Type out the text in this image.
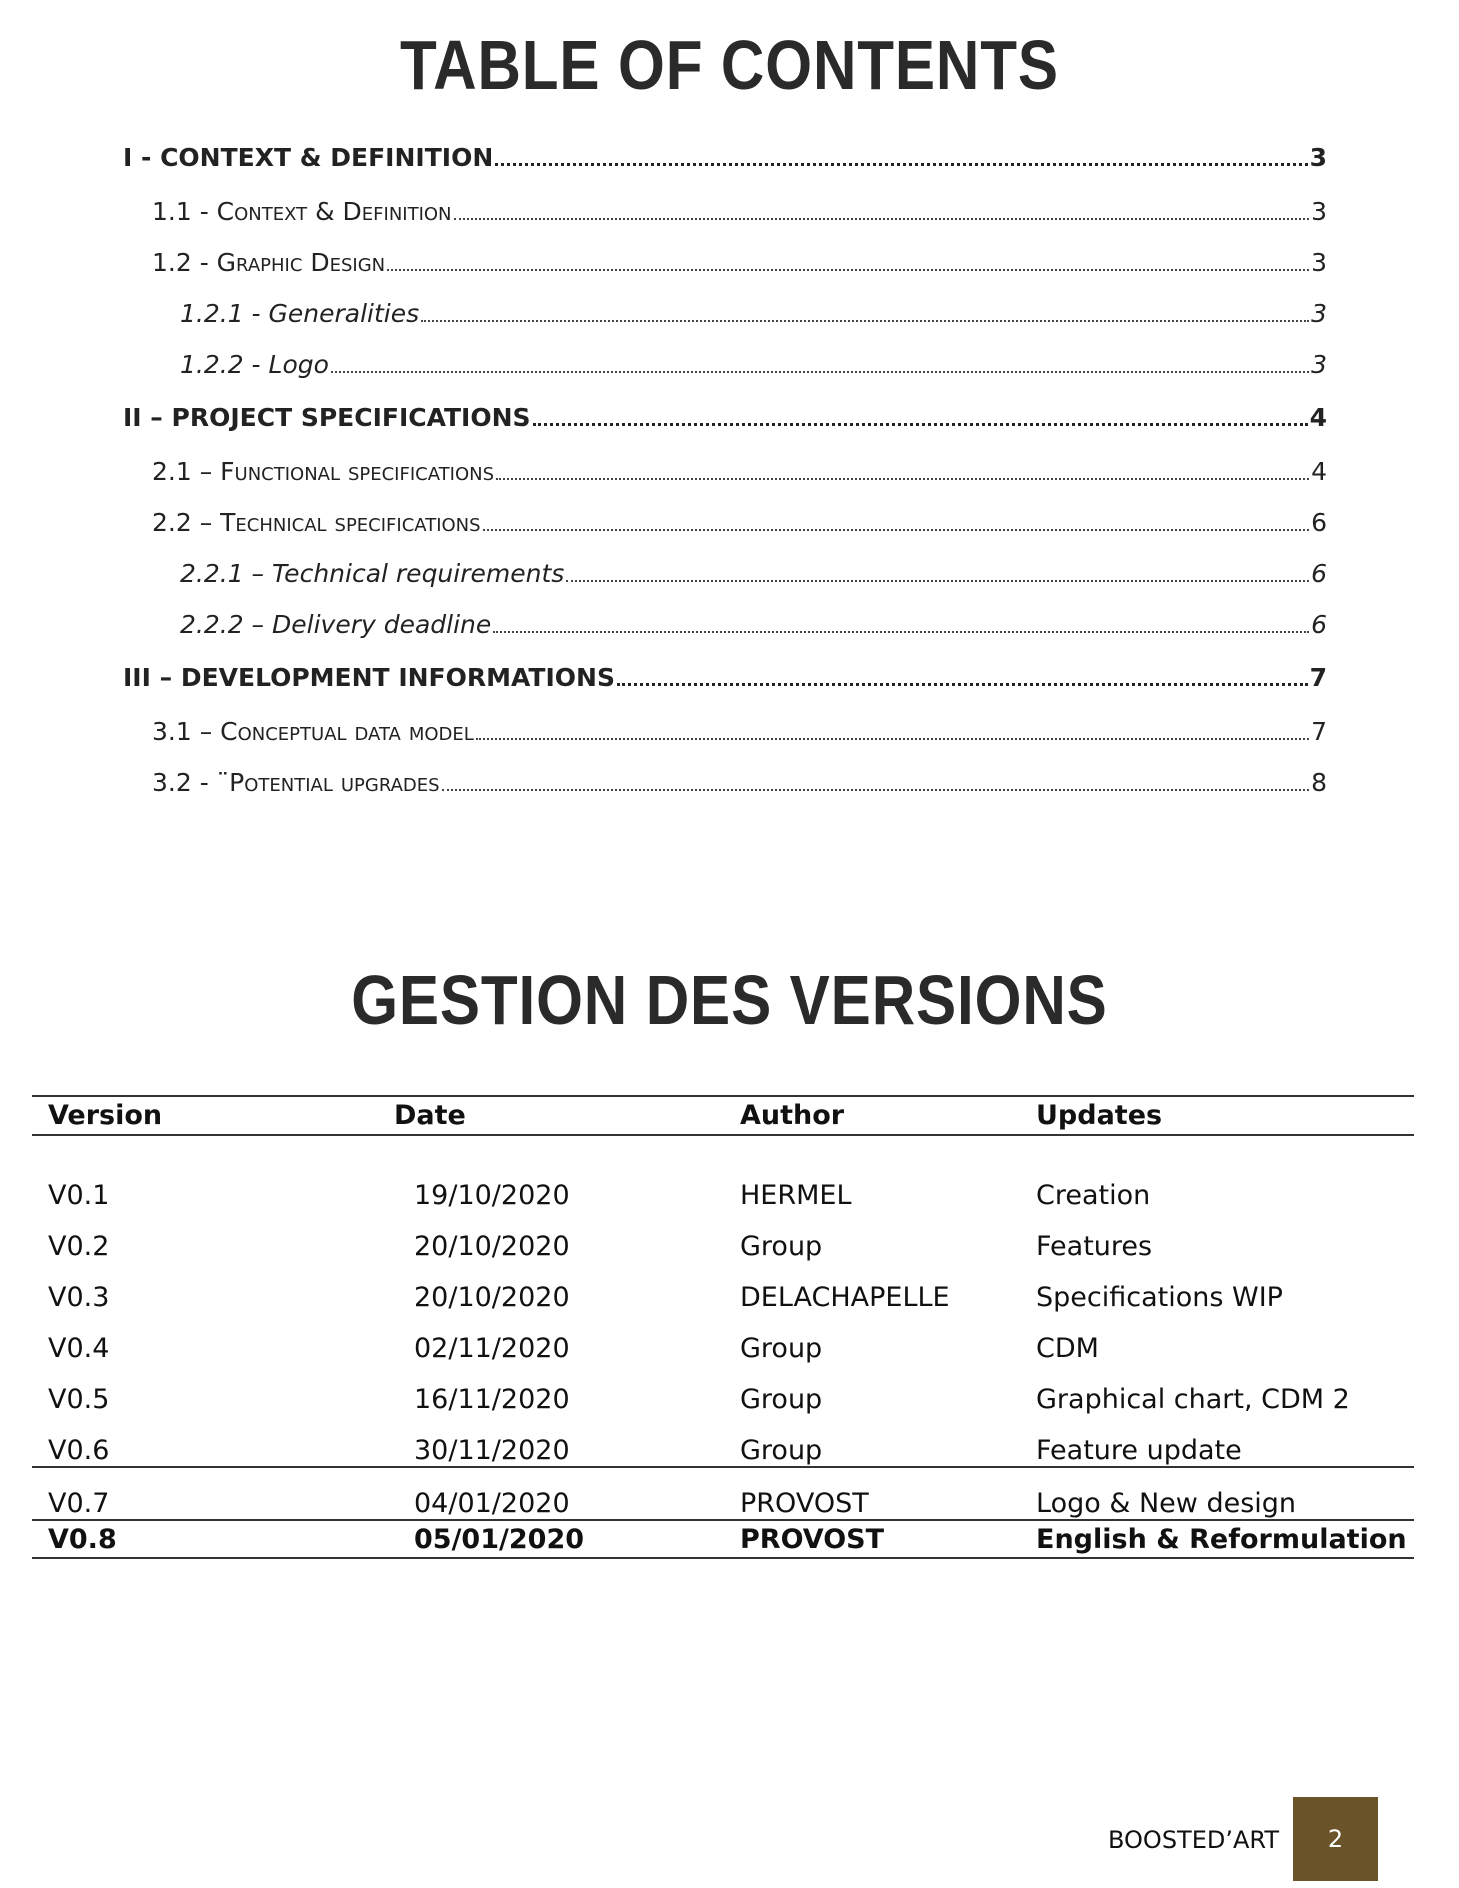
TABLE OF CONTENTS
I - CONTEXT & DEFINITION	3
1.1 - Context & Definition	3
1.2 - Graphic Design	3
1.2.1 - Generalities	3
1.2.2 - Logo	3
II – PROJECT SPECIFICATIONS	4
2.1 – Functional specifications	4
2.2 – Technical specifications	6
2.2.1 – Technical requirements	6
2.2.2 – Delivery deadline	6
III – DEVELOPMENT INFORMATIONS	7
3.1 – Conceptual data model	7
3.2 - ¨Potential upgrades	8
GESTION DES VERSIONS
Version	Date	Author	Updates

V0.1	19/10/2020	HERMEL	Creation
V0.2	20/10/2020	Group	Features
V0.3	20/10/2020	DELACHAPELLE	Specifications WIP
V0.4	02/11/2020	Group	CDM
V0.5	16/11/2020	Group	Graphical chart, CDM 2
V0.6	30/11/2020	Group	Feature update
V0.7	04/01/2020	PROVOST	Logo & New design
V0.8	05/01/2020	PROVOST	English & Reformulation
BOOSTED’ART 2
